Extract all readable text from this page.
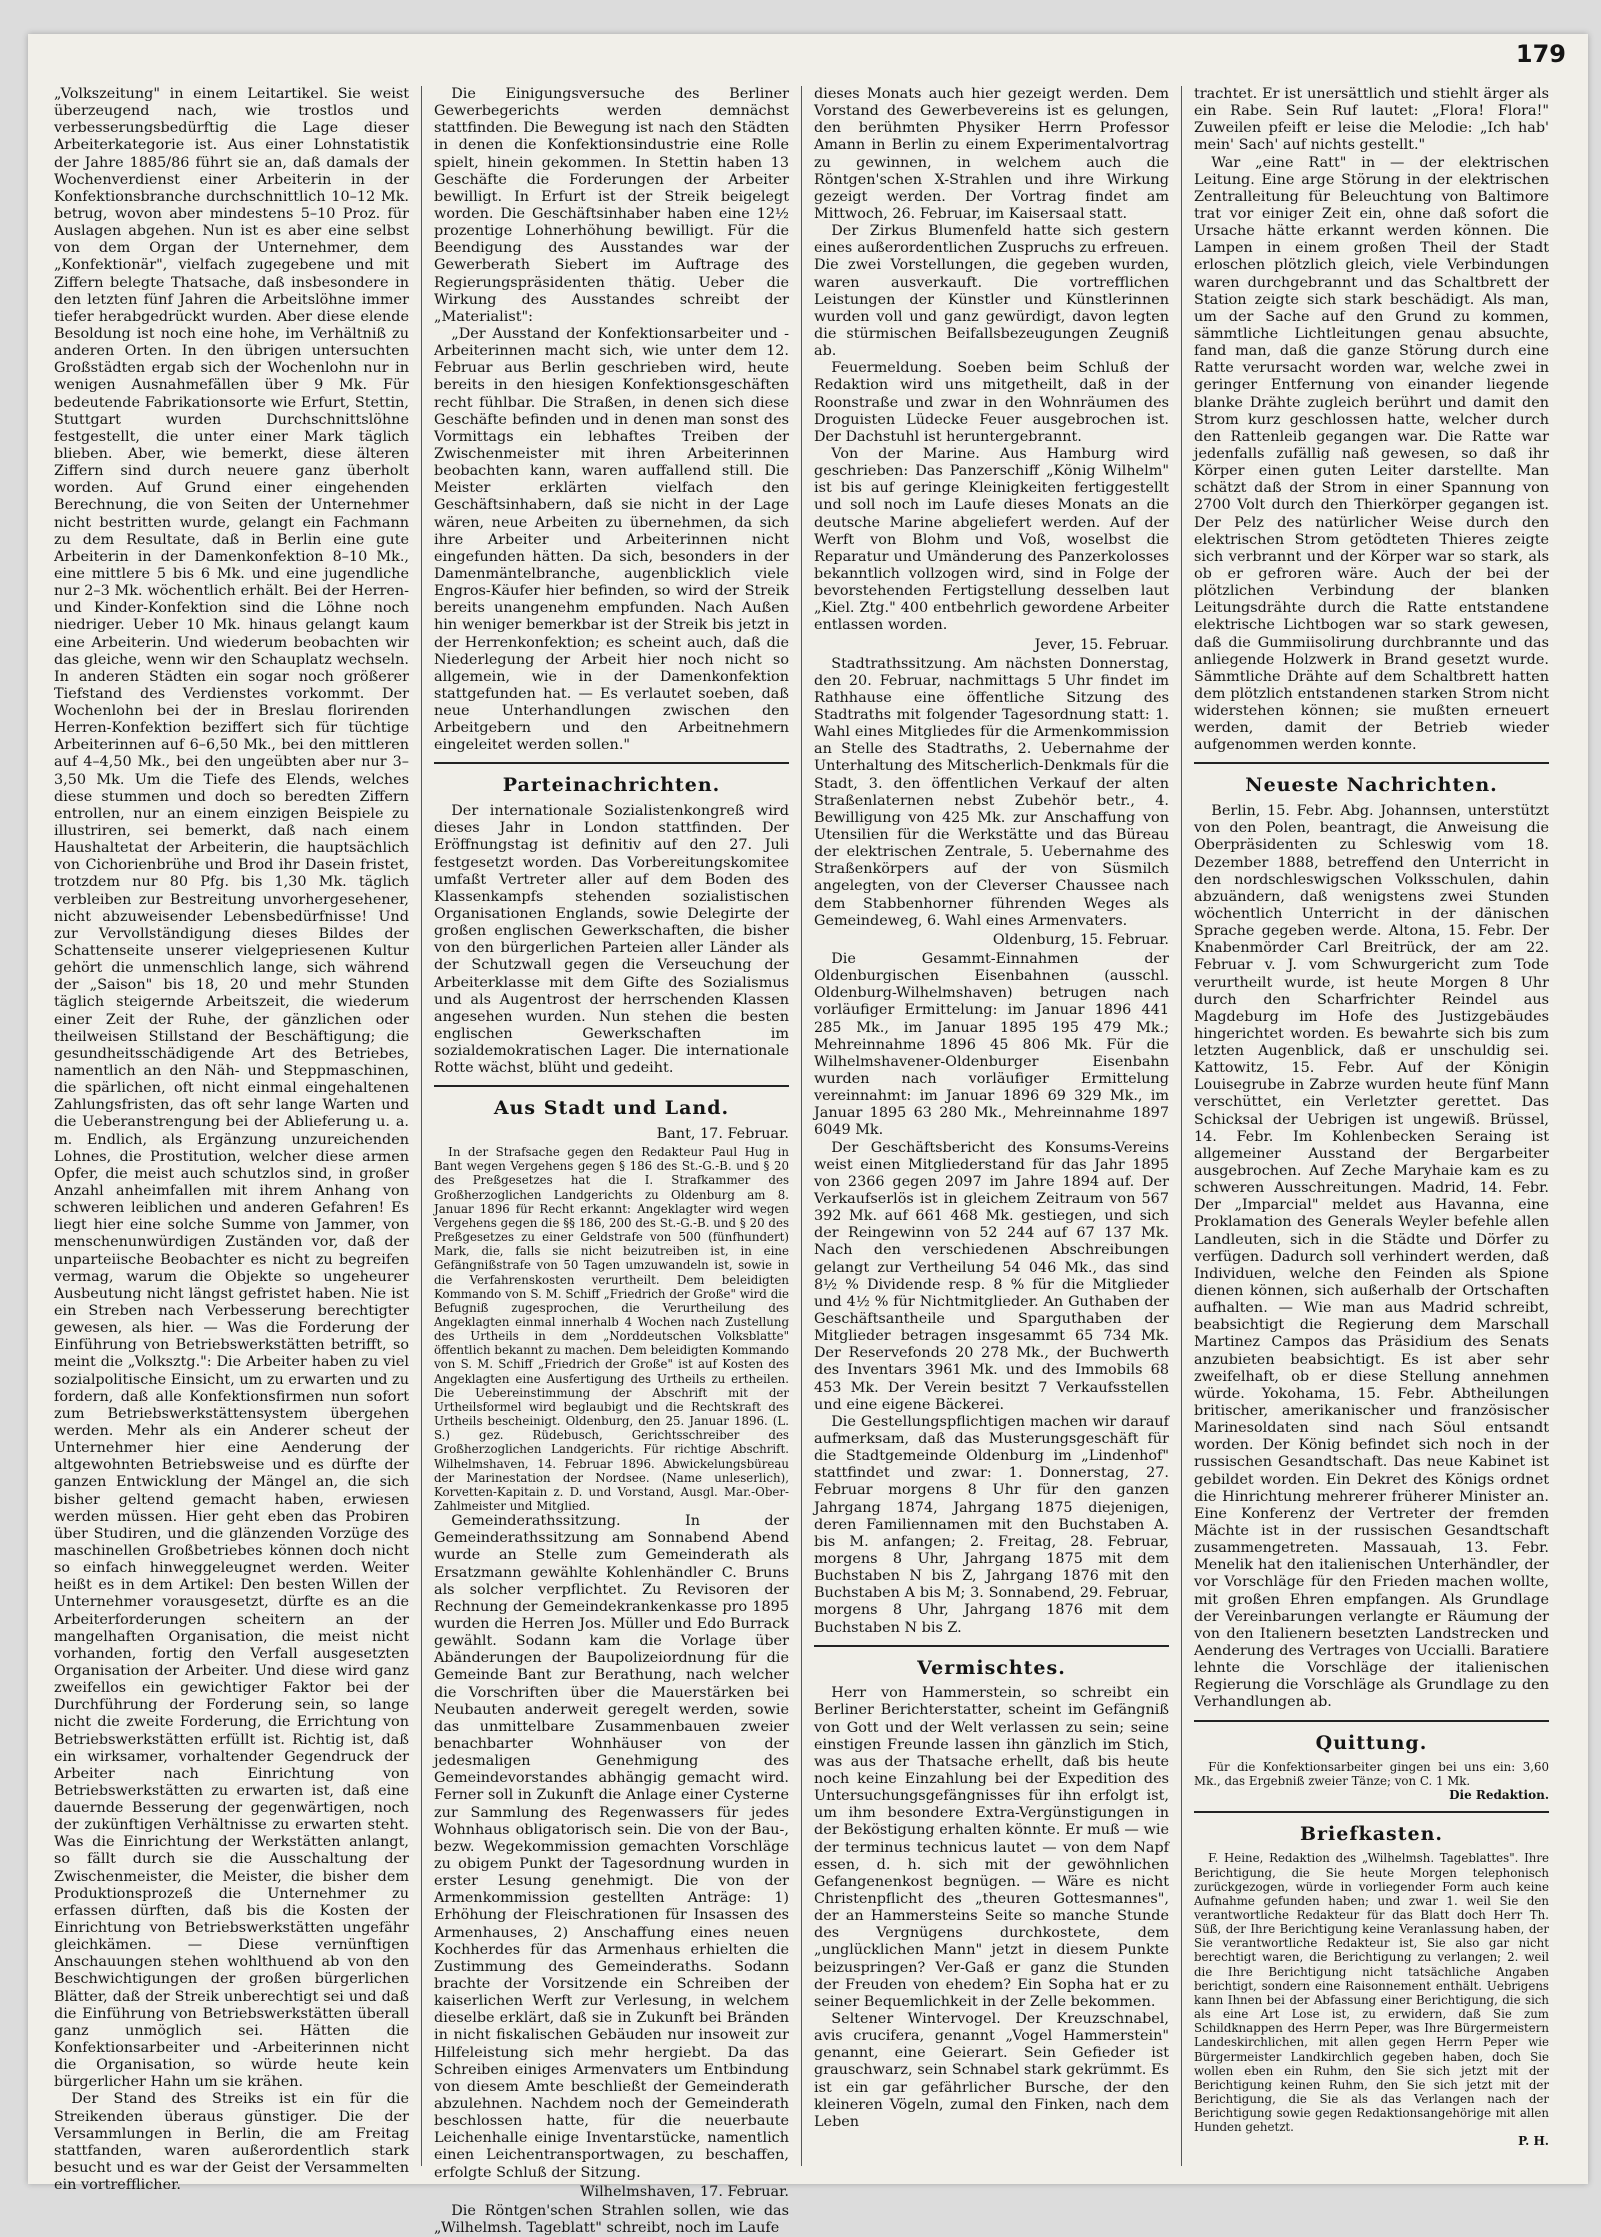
179

„Volkszeitung" in einem Leitartikel. Sie weist überzeugend nach, wie trostlos und verbesserungsbedürftig die Lage dieser Arbeiterkategorie ist. Aus einer Lohnstatistik der Jahre 1885/86 führt sie an, daß damals der Wochenverdienst einer Arbeiterin in der Konfektionsbranche durchschnittlich 10–12 Mk. betrug, wovon aber mindestens 5–10 Proz. für Auslagen abgehen. Nun ist es aber eine selbst von dem Organ der Unternehmer, dem „Konfektionär", vielfach zugegebene und mit Ziffern belegte Thatsache, daß insbesondere in den letzten fünf Jahren die Arbeitslöhne immer tiefer herabgedrückt wurden. Aber diese elende Besoldung ist noch eine hohe, im Verhältniß zu anderen Orten. In den übrigen untersuchten Großstädten ergab sich der Wochenlohn nur in wenigen Ausnahmefällen über 9 Mk. Für bedeutende Fabrikationsorte wie Erfurt, Stettin, Stuttgart wurden Durchschnittslöhne festgestellt, die unter einer Mark täglich blieben. Aber, wie bemerkt, diese älteren Ziffern sind durch neuere ganz überholt worden. Auf Grund einer eingehenden Berechnung, die von Seiten der Unternehmer nicht bestritten wurde, gelangt ein Fachmann zu dem Resultate, daß in Berlin eine gute Arbeiterin in der Damenkonfektion 8–10 Mk., eine mittlere 5 bis 6 Mk. und eine jugendliche nur 2–3 Mk. wöchentlich erhält. Bei der Herren- und Kinder-Konfektion sind die Löhne noch niedriger. Ueber 10 Mk. hinaus gelangt kaum eine Arbeiterin. Und wiederum beobachten wir das gleiche, wenn wir den Schauplatz wechseln. In anderen Städten ein sogar noch größerer Tiefstand des Verdienstes vorkommt. Der Wochenlohn bei der in Breslau florirenden Herren-Konfektion beziffert sich für tüchtige Arbeiterinnen auf 6–6,50 Mk., bei den mittleren auf 4–4,50 Mk., bei den ungeübten aber nur 3–3,50 Mk. Um die Tiefe des Elends, welches diese stummen und doch so beredten Ziffern entrollen, nur an einem einzigen Beispiele zu illustriren, sei bemerkt, daß nach einem Haushaltetat der Arbeiterin, die hauptsächlich von Cichorienbrühe und Brod ihr Dasein fristet, trotzdem nur 80 Pfg. bis 1,30 Mk. täglich verbleiben zur Bestreitung unvorhergesehener, nicht abzuweisender Lebensbedürfnisse! Und zur Vervollständigung dieses Bildes der Schattenseite unserer vielgepriesenen Kultur gehört die unmenschlich lange, sich während der „Saison" bis 18, 20 und mehr Stunden täglich steigernde Arbeitszeit, die wiederum einer Zeit der Ruhe, der gänzlichen oder theilweisen Stillstand der Beschäftigung; die gesundheitsschädigende Art des Betriebes, namentlich an den Näh- und Steppmaschinen, die spärlichen, oft nicht einmal eingehaltenen Zahlungsfristen, das oft sehr lange Warten und die Ueberanstrengung bei der Ablieferung u. a. m. Endlich, als Ergänzung unzureichenden Lohnes, die Prostitution, welcher diese armen Opfer, die meist auch schutzlos sind, in großer Anzahl anheimfallen mit ihrem Anhang von schweren leiblichen und anderen Gefahren! Es liegt hier eine solche Summe von Jammer, von menschenunwürdigen Zuständen vor, daß der unparteiische Beobachter es nicht zu begreifen vermag, warum die Objekte so ungeheurer Ausbeutung nicht längst gefristet haben. Nie ist ein Streben nach Verbesserung berechtigter gewesen, als hier. — Was die Forderung der Einführung von Betriebswerkstätten betrifft, so meint die „Volksztg.": Die Arbeiter haben zu viel sozialpolitische Einsicht, um zu erwarten und zu fordern, daß alle Konfektionsfirmen nun sofort zum Betriebswerkstättensystem übergehen werden. Mehr als ein Anderer scheut der Unternehmer hier eine Aenderung der altgewohnten Betriebsweise und es dürfte der ganzen Entwicklung der Mängel an, die sich bisher geltend gemacht haben, erwiesen werden müssen. Hier geht eben das Probiren über Studiren, und die glänzenden Vorzüge des maschinellen Großbetriebes können doch nicht so einfach hinweggeleugnet werden. Weiter heißt es in dem Artikel: Den besten Willen der Unternehmer vorausgesetzt, dürfte es an die Arbeiterforderungen scheitern an der mangelhaften Organisation, die meist nicht vorhanden, fortig den Verfall ausgesetzten Organisation der Arbeiter. Und diese wird ganz zweifellos ein gewichtiger Faktor bei der Durchführung der Forderung sein, so lange nicht die zweite Forderung, die Errichtung von Betriebswerkstätten erfüllt ist. Richtig ist, daß ein wirksamer, vorhaltender Gegendruck der Arbeiter nach Einrichtung von Betriebswerkstätten zu erwarten ist, daß eine dauernde Besserung der gegenwärtigen, noch der zukünftigen Verhältnisse zu erwarten steht. Was die Einrichtung der Werkstätten anlangt, so fällt durch sie die Ausschaltung der Zwischenmeister, die Meister, die bisher dem Produktionsprozeß die Unternehmer zu erfassen dürften, daß bis die Kosten der Einrichtung von Betriebswerkstätten ungefähr gleichkämen. — Diese vernünftigen Anschauungen stehen wohlthuend ab von den Beschwichtigungen der großen bürgerlichen Blätter, daß der Streik unberechtigt sei und daß die Einführung von Betriebswerkstätten überall ganz unmöglich sei. Hätten die Konfektionsarbeiter und -Arbeiterinnen nicht die Organisation, so würde heute kein bürgerlicher Hahn um sie krähen.

Der Stand des Streiks ist ein für die Streikenden überaus günstiger. Die der Versammlungen in Berlin, die am Freitag stattfanden, waren außerordentlich stark besucht und es war der Geist der Versammelten ein vortrefflicher.

Die Einigungsversuche des Berliner Gewerbegerichts werden demnächst stattfinden. Die Bewegung ist nach den Städten in denen die Konfektionsindustrie eine Rolle spielt, hinein gekommen. In Stettin haben 13 Geschäfte die Forderungen der Arbeiter bewilligt. In Erfurt ist der Streik beigelegt worden. Die Geschäftsinhaber haben eine 12½ prozentige Lohnerhöhung bewilligt. Für die Beendigung des Ausstandes war der Gewerberath Siebert im Auftrage des Regierungspräsidenten thätig. Ueber die Wirkung des Ausstandes schreibt der „Materialist":

„Der Ausstand der Konfektionsarbeiter und -Arbeiterinnen macht sich, wie unter dem 12. Februar aus Berlin geschrieben wird, heute bereits in den hiesigen Konfektionsgeschäften recht fühlbar. Die Straßen, in denen sich diese Geschäfte befinden und in denen man sonst des Vormittags ein lebhaftes Treiben der Zwischenmeister mit ihren Arbeiterinnen beobachten kann, waren auffallend still. Die Meister erklärten vielfach den Geschäftsinhabern, daß sie nicht in der Lage wären, neue Arbeiten zu übernehmen, da sich ihre Arbeiter und Arbeiterinnen nicht eingefunden hätten. Da sich, besonders in der Damenmäntelbranche, augenblicklich viele Engros-Käufer hier befinden, so wird der Streik bereits unangenehm empfunden. Nach Außen hin weniger bemerkbar ist der Streik bis jetzt in der Herrenkonfektion; es scheint auch, daß die Niederlegung der Arbeit hier noch nicht so allgemein, wie in der Damenkonfektion stattgefunden hat. — Es verlautet soeben, daß neue Unterhandlungen zwischen den Arbeitgebern und den Arbeitnehmern eingeleitet werden sollen."

Parteinachrichten.

Der internationale Sozialistenkongreß wird dieses Jahr in London stattfinden. Der Eröffnungstag ist definitiv auf den 27. Juli festgesetzt worden. Das Vorbereitungskomitee umfaßt Vertreter aller auf dem Boden des Klassenkampfs stehenden sozialistischen Organisationen Englands, sowie Delegirte der großen englischen Gewerkschaften, die bisher von den bürgerlichen Parteien aller Länder als der Schutzwall gegen die Verseuchung der Arbeiterklasse mit dem Gifte des Sozialismus und als Augentrost der herrschenden Klassen angesehen wurden. Nun stehen die besten englischen Gewerkschaften im sozialdemokratischen Lager. Die internationale Rotte wächst, blüht und gedeiht.

Aus Stadt und Land.
Bant, 17. Februar.

In der Strafsache gegen den Redakteur Paul Hug in Bant wegen Vergehens gegen § 186 des St.-G.-B. und § 20 des Preßgesetzes hat die I. Strafkammer des Großherzoglichen Landgerichts zu Oldenburg am 8. Januar 1896 für Recht erkannt: Angeklagter wird wegen Vergehens gegen die §§ 186, 200 des St.-G.-B. und § 20 des Preßgesetzes zu einer Geldstrafe von 500 (fünfhundert) Mark, die, falls sie nicht beizutreiben ist, in eine Gefängnißstrafe von 50 Tagen umzuwandeln ist, sowie in die Verfahrenskosten verurtheilt. Dem beleidigten Kommando von S. M. Schiff „Friedrich der Große" wird die Befugniß zugesprochen, die Verurtheilung des Angeklagten einmal innerhalb 4 Wochen nach Zustellung des Urtheils in dem „Norddeutschen Volksblatte" öffentlich bekannt zu machen. Dem beleidigten Kommando von S. M. Schiff „Friedrich der Große" ist auf Kosten des Angeklagten eine Ausfertigung des Urtheils zu ertheilen. Die Uebereinstimmung der Abschrift mit der Urtheilsformel wird beglaubigt und die Rechtskraft des Urtheils bescheinigt. Oldenburg, den 25. Januar 1896. (L. S.) gez. Rüdebusch, Gerichtsschreiber des Großherzoglichen Landgerichts. Für richtige Abschrift. Wilhelmshaven, 14. Februar 1896. Abwickelungsbüreau der Marinestation der Nordsee. (Name unleserlich), Korvetten-Kapitain z. D. und Vorstand, Ausgl. Mar.-Ober-Zahlmeister und Mitglied.

Gemeinderathssitzung. In der Gemeinderathssitzung am Sonnabend Abend wurde an Stelle zum Gemeinderath als Ersatzmann gewählte Kohlenhändler C. Bruns als solcher verpflichtet. Zu Revisoren der Rechnung der Gemeindekrankenkasse pro 1895 wurden die Herren Jos. Müller und Edo Burrack gewählt. Sodann kam die Vorlage über Abänderungen der Baupolizeiordnung für die Gemeinde Bant zur Berathung, nach welcher die Vorschriften über die Mauerstärken bei Neubauten anderweit geregelt werden, sowie das unmittelbare Zusammenbauen zweier benachbarter Wohnhäuser von der jedesmaligen Genehmigung des Gemeindevorstandes abhängig gemacht wird. Ferner soll in Zukunft die Anlage einer Cysterne zur Sammlung des Regenwassers für jedes Wohnhaus obligatorisch sein. Die von der Bau-, bezw. Wegekommission gemachten Vorschläge zu obigem Punkt der Tagesordnung wurden in erster Lesung genehmigt. Die von der Armenkommission gestellten Anträge: 1) Erhöhung der Fleischrationen für Insassen des Armenhauses, 2) Anschaffung eines neuen Kochherdes für das Armenhaus erhielten die Zustimmung des Gemeinderaths. Sodann brachte der Vorsitzende ein Schreiben der kaiserlichen Werft zur Verlesung, in welchem dieselbe erklärt, daß sie in Zukunft bei Bränden in nicht fiskalischen Gebäuden nur insoweit zur Hilfeleistung sich mehr hergiebt. Da das Schreiben einiges Armenvaters um Entbindung von diesem Amte beschließt der Gemeinderath abzulehnen. Nachdem noch der Gemeinderath beschlossen hatte, für die neuerbaute Leichenhalle einige Inventarstücke, namentlich einen Leichentransportwagen, zu beschaffen, erfolgte Schluß der Sitzung.

Wilhelmshaven, 17. Februar.

Die Röntgen'schen Strahlen sollen, wie das „Wilhelmsh. Tageblatt" schreibt, noch im Laufe

dieses Monats auch hier gezeigt werden. Dem Vorstand des Gewerbevereins ist es gelungen, den berühmten Physiker Herrn Professor Amann in Berlin zu einem Experimentalvortrag zu gewinnen, in welchem auch die Röntgen'schen X-Strahlen und ihre Wirkung gezeigt werden. Der Vortrag findet am Mittwoch, 26. Februar, im Kaisersaal statt.

Der Zirkus Blumenfeld hatte sich gestern eines außerordentlichen Zuspruchs zu erfreuen. Die zwei Vorstellungen, die gegeben wurden, waren ausverkauft. Die vortrefflichen Leistungen der Künstler und Künstlerinnen wurden voll und ganz gewürdigt, davon legten die stürmischen Beifallsbezeugungen Zeugniß ab.

Feuermeldung. Soeben beim Schluß der Redaktion wird uns mitgetheilt, daß in der Roonstraße und zwar in den Wohnräumen des Droguisten Lüdecke Feuer ausgebrochen ist. Der Dachstuhl ist heruntergebrannt.

Von der Marine. Aus Hamburg wird geschrieben: Das Panzerschiff „König Wilhelm" ist bis auf geringe Kleinigkeiten fertiggestellt und soll noch im Laufe dieses Monats an die deutsche Marine abgeliefert werden. Auf der Werft von Blohm und Voß, woselbst die Reparatur und Umänderung des Panzerkolosses bekanntlich vollzogen wird, sind in Folge der bevorstehenden Fertigstellung desselben laut „Kiel. Ztg." 400 entbehrlich gewordene Arbeiter entlassen worden.

Jever, 15. Februar.

Stadtrathssitzung. Am nächsten Donnerstag, den 20. Februar, nachmittags 5 Uhr findet im Rathhause eine öffentliche Sitzung des Stadtraths mit folgender Tagesordnung statt: 1. Wahl eines Mitgliedes für die Armenkommission an Stelle des Stadtraths, 2. Uebernahme der Unterhaltung des Mitscherlich-Denkmals für die Stadt, 3. den öffentlichen Verkauf der alten Straßenlaternen nebst Zubehör betr., 4. Bewilligung von 425 Mk. zur Anschaffung von Utensilien für die Werkstätte und das Büreau der elektrischen Zentrale, 5. Uebernahme des Straßenkörpers auf der von Süsmilch angelegten, von der Cleverser Chaussee nach dem Stabbenhorner führenden Weges als Gemeindeweg, 6. Wahl eines Armenvaters.

Oldenburg, 15. Februar.

Die Gesammt-Einnahmen der Oldenburgischen Eisenbahnen (ausschl. Oldenburg-Wilhelmshaven) betrugen nach vorläufiger Ermittelung: im Januar 1896 441 285 Mk., im Januar 1895 195 479 Mk.; Mehreinnahme 1896 45 806 Mk. Für die Wilhelmshavener-Oldenburger Eisenbahn wurden nach vorläufiger Ermittelung vereinnahmt: im Januar 1896 69 329 Mk., im Januar 1895 63 280 Mk., Mehreinnahme 1897 6049 Mk.

Der Geschäftsbericht des Konsums-Vereins weist einen Mitgliederstand für das Jahr 1895 von 2366 gegen 2097 im Jahre 1894 auf. Der Verkaufserlös ist in gleichem Zeitraum von 567 392 Mk. auf 661 468 Mk. gestiegen, und sich der Reingewinn von 52 244 auf 67 137 Mk. Nach den verschiedenen Abschreibungen gelangt zur Vertheilung 54 046 Mk., das sind 8½ % Dividende resp. 8 % für die Mitglieder und 4½ % für Nichtmitglieder. An Guthaben der Geschäftsantheile und Sparguthaben der Mitglieder betragen insgesammt 65 734 Mk. Der Reservefonds 20 278 Mk., der Buchwerth des Inventars 3961 Mk. und des Immobils 68 453 Mk. Der Verein besitzt 7 Verkaufsstellen und eine eigene Bäckerei.

Die Gestellungspflichtigen machen wir darauf aufmerksam, daß das Musterungsgeschäft für die Stadtgemeinde Oldenburg im „Lindenhof" stattfindet und zwar: 1. Donnerstag, 27. Februar morgens 8 Uhr für den ganzen Jahrgang 1874, Jahrgang 1875 diejenigen, deren Familiennamen mit den Buchstaben A. bis M. anfangen; 2. Freitag, 28. Februar, morgens 8 Uhr, Jahrgang 1875 mit dem Buchstaben N bis Z, Jahrgang 1876 mit den Buchstaben A bis M; 3. Sonnabend, 29. Februar, morgens 8 Uhr, Jahrgang 1876 mit dem Buchstaben N bis Z.

Vermischtes.

Herr von Hammerstein, so schreibt ein Berliner Berichterstatter, scheint im Gefängniß von Gott und der Welt verlassen zu sein; seine einstigen Freunde lassen ihn gänzlich im Stich, was aus der Thatsache erhellt, daß bis heute noch keine Einzahlung bei der Expedition des Untersuchungsgefängnisses für ihn erfolgt ist, um ihm besondere Extra-Vergünstigungen in der Beköstigung erhalten könnte. Er muß — wie der terminus technicus lautet — von dem Napf essen, d. h. sich mit der gewöhnlichen Gefangenenkost begnügen. — Wäre es nicht Christenpflicht des „theuren Gottesmannes", der an Hammersteins Seite so manche Stunde des Vergnügens durchkostete, dem „unglücklichen Mann" jetzt in diesem Punkte beizuspringen? Ver-Gaß er ganz die Stunden der Freuden von ehedem? Ein Sopha hat er zu seiner Bequemlichkeit in der Zelle bekommen.

Seltener Wintervogel. Der Kreuzschnabel, avis crucifera, genannt „Vogel Hammerstein" genannt, eine Geierart. Sein Gefieder ist grauschwarz, sein Schnabel stark gekrümmt. Es ist ein gar gefährlicher Bursche, der den kleineren Vögeln, zumal den Finken, nach dem Leben

trachtet. Er ist unersättlich und stiehlt ärger als ein Rabe. Sein Ruf lautet: „Flora! Flora!" Zuweilen pfeift er leise die Melodie: „Ich hab' mein' Sach' auf nichts gestellt."

War „eine Ratt" in — der elektrischen Leitung. Eine arge Störung in der elektrischen Zentralleitung für Beleuchtung von Baltimore trat vor einiger Zeit ein, ohne daß sofort die Ursache hätte erkannt werden können. Die Lampen in einem großen Theil der Stadt erloschen plötzlich gleich, viele Verbindungen waren durchgebrannt und das Schaltbrett der Station zeigte sich stark beschädigt. Als man, um der Sache auf den Grund zu kommen, sämmtliche Lichtleitungen genau absuchte, fand man, daß die ganze Störung durch eine Ratte verursacht worden war, welche zwei in geringer Entfernung von einander liegende blanke Drähte zugleich berührt und damit den Strom kurz geschlossen hatte, welcher durch den Rattenleib gegangen war. Die Ratte war jedenfalls zufällig naß gewesen, so daß ihr Körper einen guten Leiter darstellte. Man schätzt daß der Strom in einer Spannung von 2700 Volt durch den Thierkörper gegangen ist. Der Pelz des natürlicher Weise durch den elektrischen Strom getödteten Thieres zeigte sich verbrannt und der Körper war so stark, als ob er gefroren wäre. Auch der bei der plötzlichen Verbindung der blanken Leitungsdrähte durch die Ratte entstandene elektrische Lichtbogen war so stark gewesen, daß die Gummiisolirung durchbrannte und das anliegende Holzwerk in Brand gesetzt wurde. Sämmtliche Drähte auf dem Schaltbrett hatten dem plötzlich entstandenen starken Strom nicht widerstehen können; sie mußten erneuert werden, damit der Betrieb wieder aufgenommen werden konnte.

Neueste Nachrichten.

Berlin, 15. Febr. Abg. Johannsen, unterstützt von den Polen, beantragt, die Anweisung die Oberpräsidenten zu Schleswig vom 18. Dezember 1888, betreffend den Unterricht in den nordschleswigschen Volksschulen, dahin abzuändern, daß wenigstens zwei Stunden wöchentlich Unterricht in der dänischen Sprache gegeben werde. Altona, 15. Febr. Der Knabenmörder Carl Breitrück, der am 22. Februar v. J. vom Schwurgericht zum Tode verurtheilt wurde, ist heute Morgen 8 Uhr durch den Scharfrichter Reindel aus Magdeburg im Hofe des Justizgebäudes hingerichtet worden. Es bewahrte sich bis zum letzten Augenblick, daß er unschuldig sei. Kattowitz, 15. Febr. Auf der Königin Louisegrube in Zabrze wurden heute fünf Mann verschüttet, ein Verletzter gerettet. Das Schicksal der Uebrigen ist ungewiß. Brüssel, 14. Febr. Im Kohlenbecken Seraing ist allgemeiner Ausstand der Bergarbeiter ausgebrochen. Auf Zeche Maryhaie kam es zu schweren Ausschreitungen. Madrid, 14. Febr. Der „Imparcial" meldet aus Havanna, eine Proklamation des Generals Weyler befehle allen Landleuten, sich in die Städte und Dörfer zu verfügen. Dadurch soll verhindert werden, daß Individuen, welche den Feinden als Spione dienen können, sich außerhalb der Ortschaften aufhalten. — Wie man aus Madrid schreibt, beabsichtigt die Regierung dem Marschall Martinez Campos das Präsidium des Senats anzubieten beabsichtigt. Es ist aber sehr zweifelhaft, ob er diese Stellung annehmen würde. Yokohama, 15. Febr. Abtheilungen britischer, amerikanischer und französischer Marinesoldaten sind nach Söul entsandt worden. Der König befindet sich noch in der russischen Gesandtschaft. Das neue Kabinet ist gebildet worden. Ein Dekret des Königs ordnet die Hinrichtung mehrerer früherer Minister an. Eine Konferenz der Vertreter der fremden Mächte ist in der russischen Gesandtschaft zusammengetreten. Massauah, 13. Febr. Menelik hat den italienischen Unterhändler, der vor Vorschläge für den Frieden machen wollte, mit großen Ehren empfangen. Als Grundlage der Vereinbarungen verlangte er Räumung der von den Italienern besetzten Landstrecken und Aenderung des Vertrages von Uccialli. Baratiere lehnte die Vorschläge der italienischen Regierung die Vorschläge als Grundlage zu den Verhandlungen ab.

Quittung.

Für die Konfektionsarbeiter gingen bei uns ein: 3,60 Mk., das Ergebniß zweier Tänze; von C. 1 Mk.

Die Redaktion.
Briefkasten.

F. Heine, Redaktion des „Wilhelmsh. Tageblattes". Ihre Berichtigung, die Sie heute Morgen telephonisch zurückgezogen, würde in vorliegender Form auch keine Aufnahme gefunden haben; und zwar 1. weil Sie den verantwortliche Redakteur für das Blatt doch Herr Th. Süß, der Ihre Berichtigung keine Veranlassung haben, der Sie verantwortliche Redakteur ist, Sie also gar nicht berechtigt waren, die Berichtigung zu verlangen; 2. weil die Ihre Berichtigung nicht tatsächliche Angaben berichtigt, sondern eine Raisonnement enthält. Uebrigens kann Ihnen bei der Abfassung einer Berichtigung, die sich als eine Art Lose ist, zu erwidern, daß Sie zum Schildknappen des Herrn Peper, was Ihre Bürgermeistern Landeskirchlichen, mit allen gegen Herrn Peper wie Bürgermeister Landkirchlich gegeben haben, doch Sie wollen eben ein Ruhm, den Sie sich jetzt mit der Berichtigung keinen Ruhm, den Sie sich jetzt mit der Berichtigung, die Sie als das Verlangen nach der Berichtigung sowie gegen Redaktionsangehörige mit allen Hunden gehetzt.

P. H.
